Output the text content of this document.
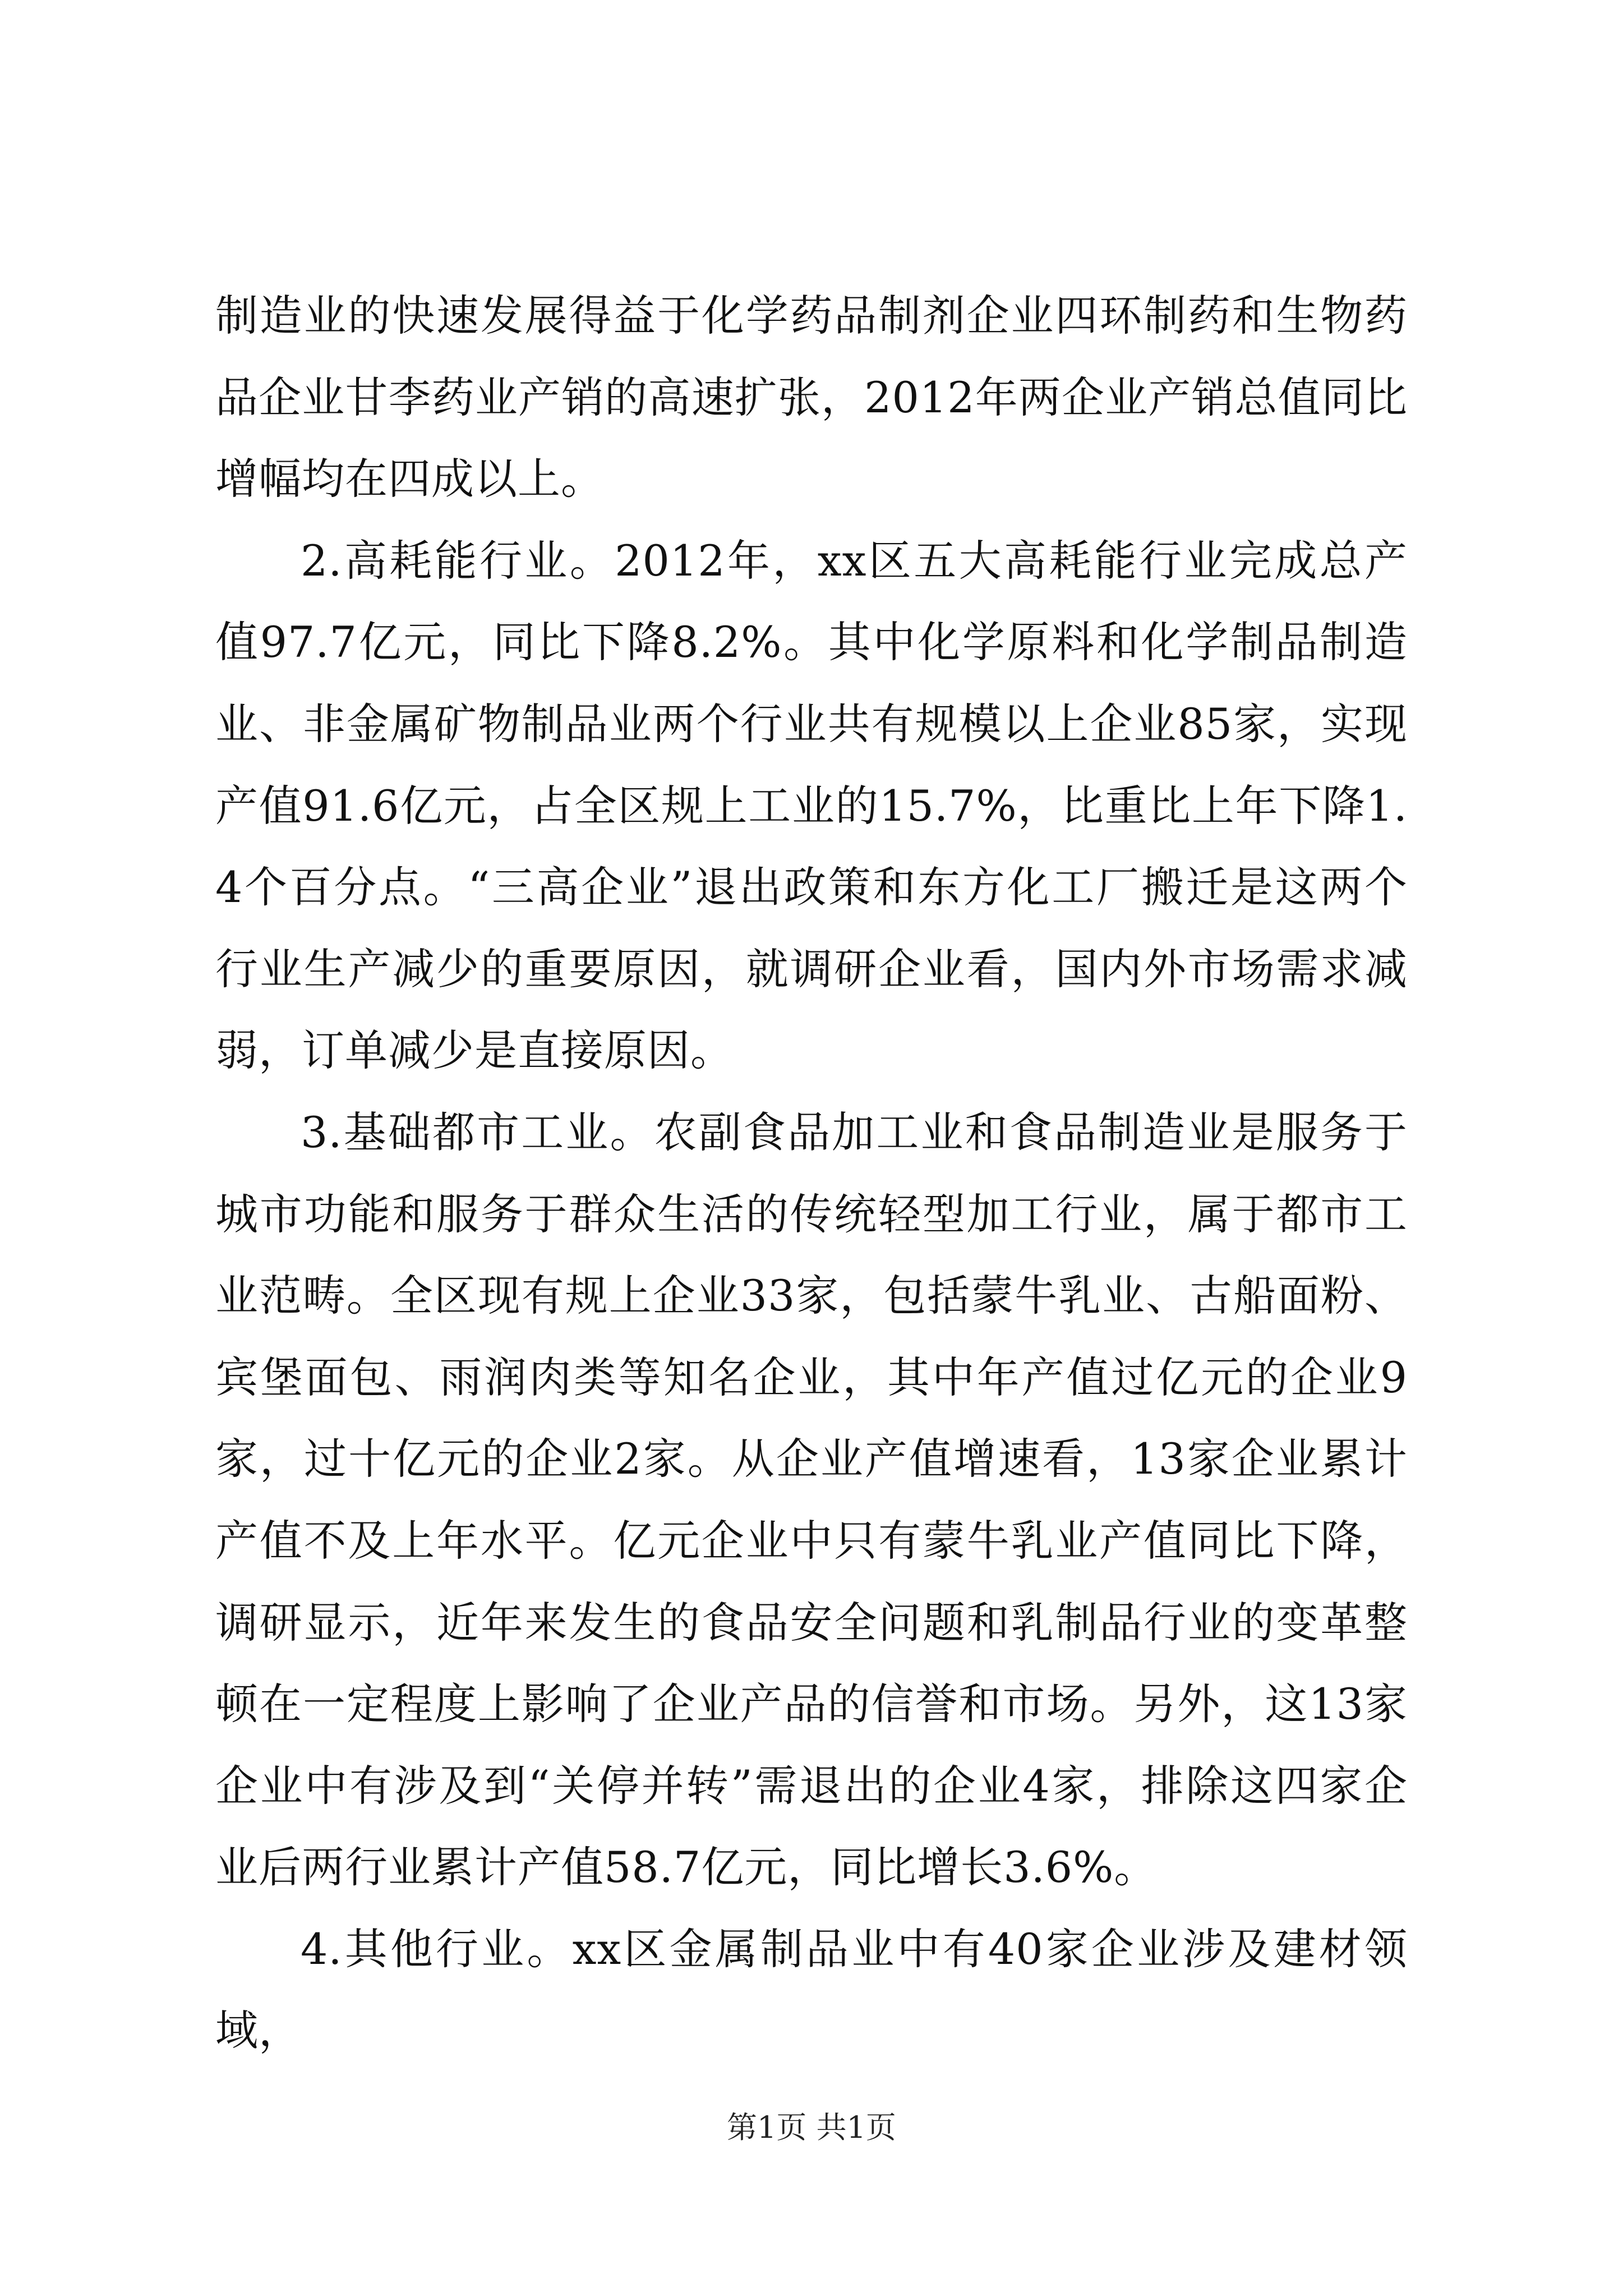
制造业的快速发展得益于化学药品制剂企业四环制药和生物药品企业甘李药业产销的高速扩张，2012年两企业产销总值同比增幅均在四成以上。

2.高耗能行业。2012年，xx区五大高耗能行业完成总产值97.7亿元，同比下降8.2%。其中化学原料和化学制品制造业、非金属矿物制品业两个行业共有规模以上企业85家，实现产值91.6亿元，占全区规上工业的15.7%，比重比上年下降1.4个百分点。“三高企业”退出政策和东方化工厂搬迁是这两个行业生产减少的重要原因，就调研企业看，国内外市场需求减弱，订单减少是直接原因。

3.基础都市工业。农副食品加工业和食品制造业是服务于城市功能和服务于群众生活的传统轻型加工行业，属于都市工业范畴。全区现有规上企业33家，包括蒙牛乳业、古船面粉、宾堡面包、雨润肉类等知名企业，其中年产值过亿元的企业9家，过十亿元的企业2家。从企业产值增速看，13家企业累计产值不及上年水平。亿元企业中只有蒙牛乳业产值同比下降，调研显示，近年来发生的食品安全问题和乳制品行业的变革整顿在一定程度上影响了企业产品的信誉和市场。另外，这13家企业中有涉及到“关停并转”需退出的企业4家，排除这四家企业后两行业累计产值58.7亿元，同比增长3.6%。

4.其他行业。xx区金属制品业中有40家企业涉及建材领域，

第1页 共1页
